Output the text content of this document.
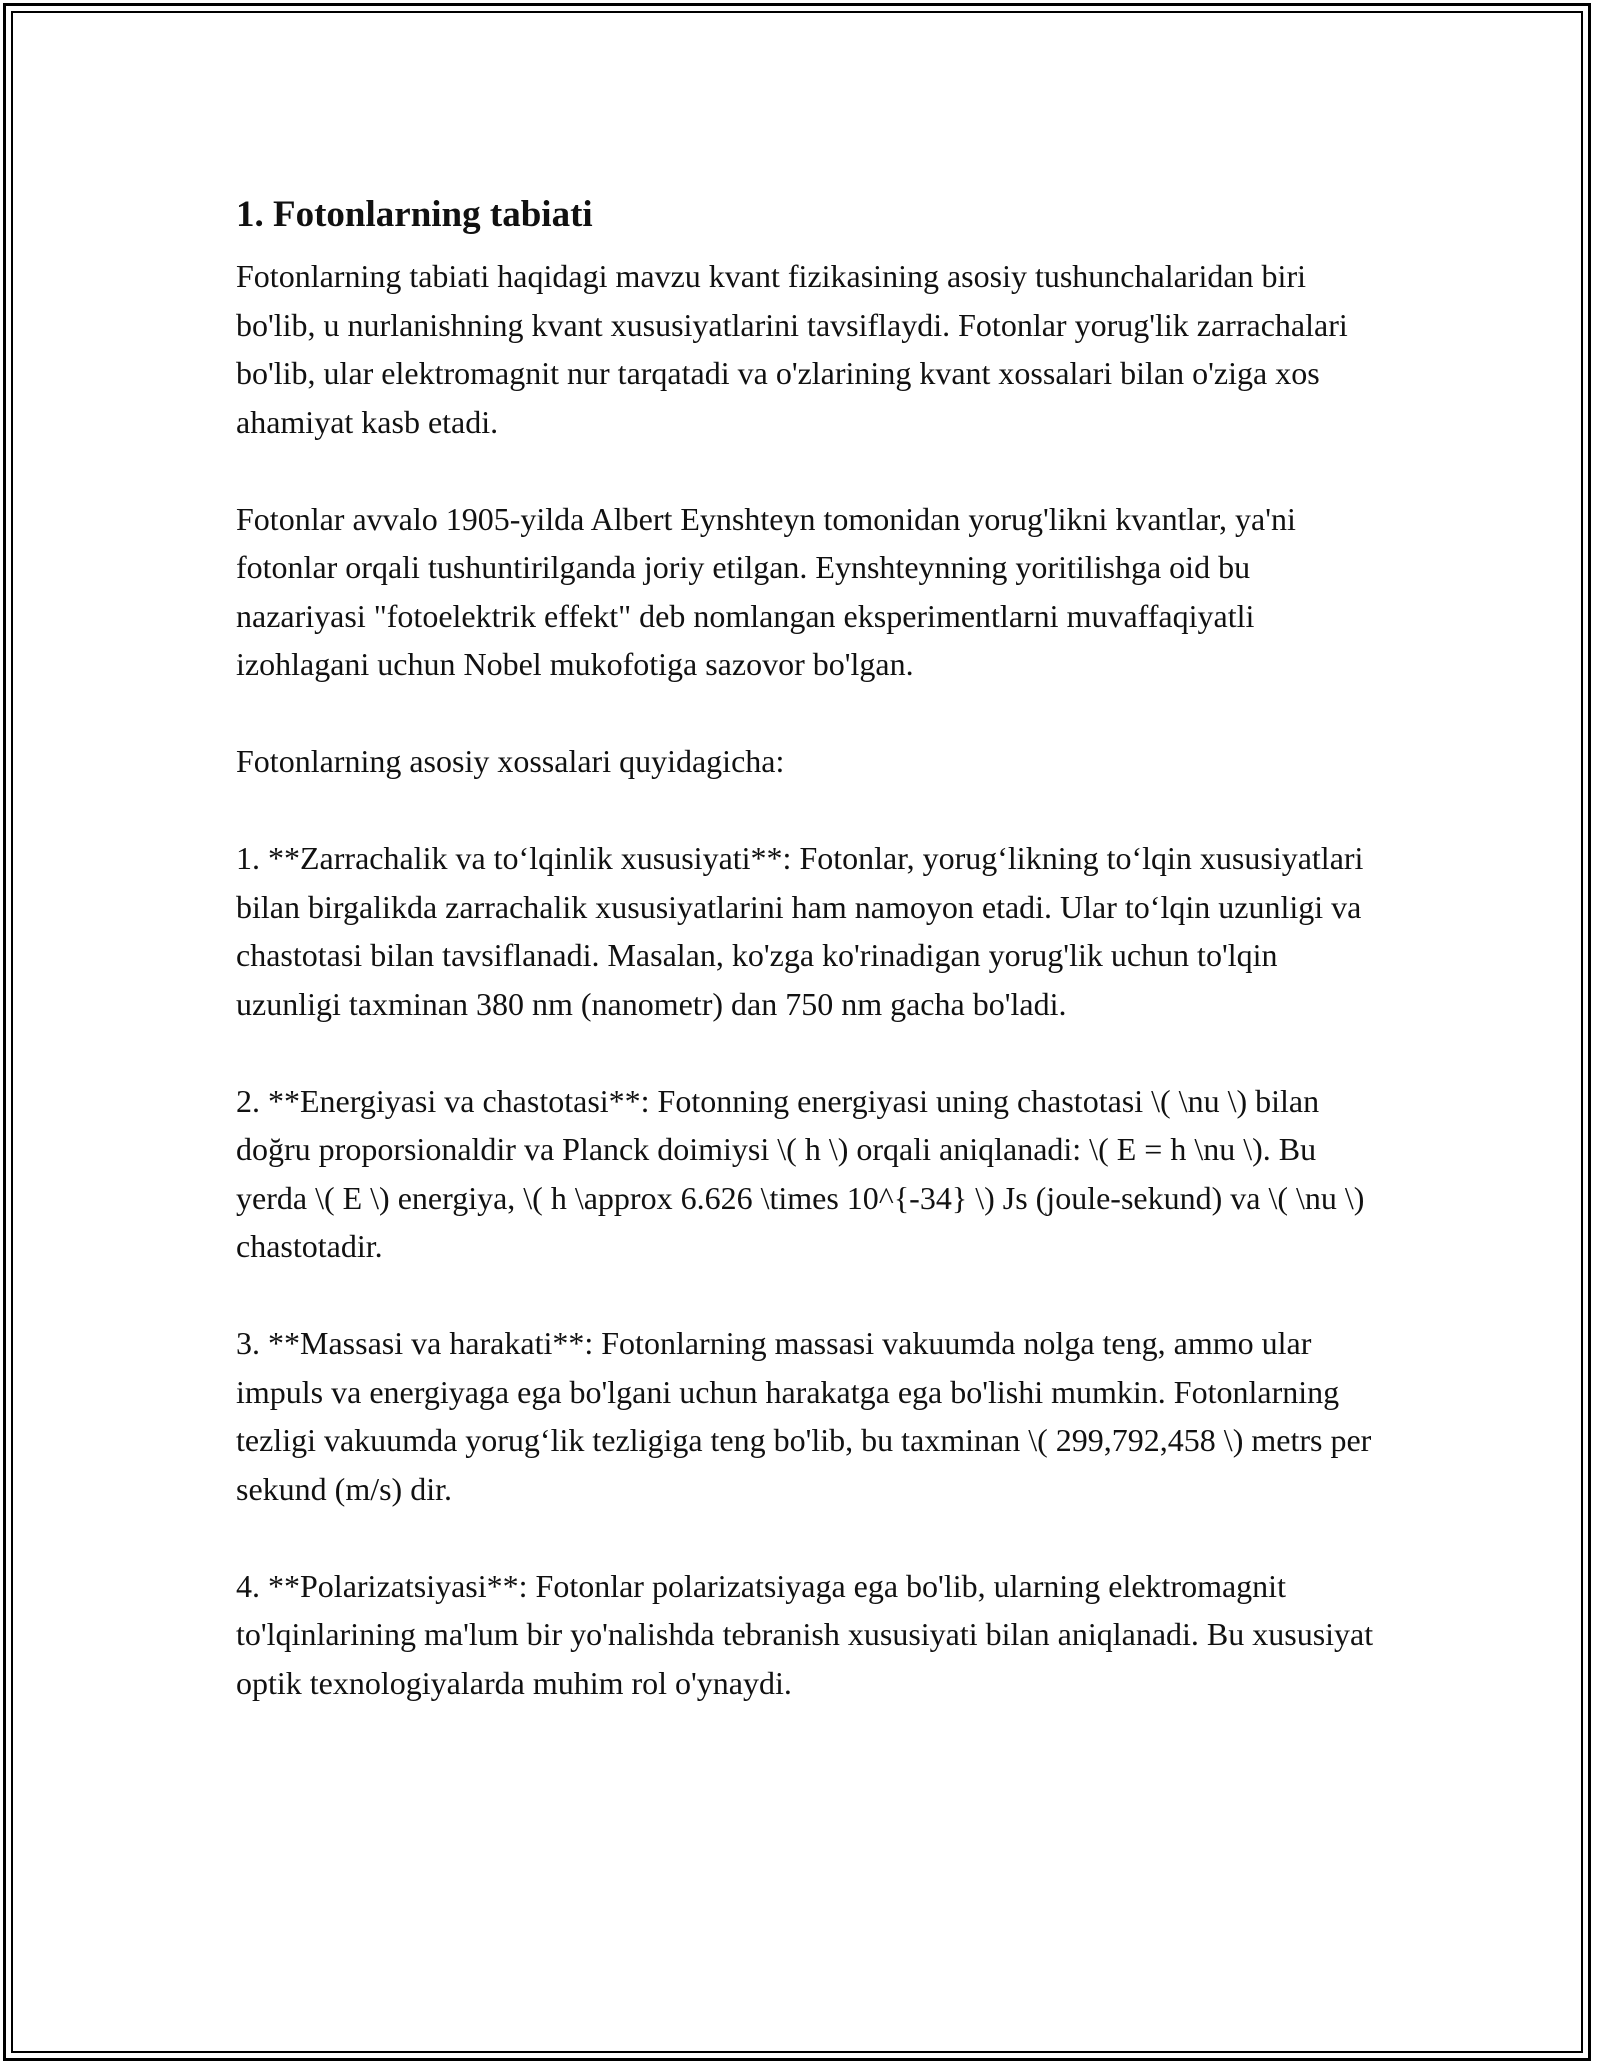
1. Fotonlarning tabiati

Fotonlarning tabiati haqidagi mavzu kvant fizikasining asosiy tushunchalaridan biri bo'lib, u nurlanishning kvant xususiyatlarini tavsiflaydi. Fotonlar yorug'lik zarrachalari bo'lib, ular elektromagnit nur tarqatadi va o'zlarining kvant xossalari bilan o'ziga xos ahamiyat kasb etadi.

Fotonlar avvalo 1905-yilda Albert Eynshteyn tomonidan yorug'likni kvantlar, ya'ni fotonlar orqali tushuntirilganda joriy etilgan. Eynshteynning yoritilishga oid bu nazariyasi "fotoelektrik effekt" deb nomlangan eksperimentlarni muvaffaqiyatli izohlagani uchun Nobel mukofotiga sazovor bo'lgan.

Fotonlarning asosiy xossalari quyidagicha:

1. **Zarrachalik va to‘lqinlik xususiyati**: Fotonlar, yorug‘likning to‘lqin xususiyatlari bilan birgalikda zarrachalik xususiyatlarini ham namoyon etadi. Ular to‘lqin uzunligi va chastotasi bilan tavsiflanadi. Masalan, ko'zga ko'rinadigan yorug'lik uchun to'lqin uzunligi taxminan 380 nm (nanometr) dan 750 nm gacha bo'ladi.

2. **Energiyasi va chastotasi**: Fotonning energiyasi uning chastotasi \( \nu \) bilan doğru proporsionaldir va Planck doimiysi \( h \) orqali aniqlanadi: \( E = h \nu \). Bu yerda \( E \) energiya, \( h \approx 6.626 \times 10^{-34} \) Js (joule-sekund) va \( \nu \) chastotadir.

3. **Massasi va harakati**: Fotonlarning massasi vakuumda nolga teng, ammo ular impuls va energiyaga ega bo'lgani uchun harakatga ega bo'lishi mumkin. Fotonlarning tezligi vakuumda yorug‘lik tezligiga teng bo'lib, bu taxminan \( 299,792,458 \) metrs per sekund (m/s) dir.

4. **Polarizatsiyasi**: Fotonlar polarizatsiyaga ega bo'lib, ularning elektromagnit to'lqinlarining ma'lum bir yo'nalishda tebranish xususiyati bilan aniqlanadi. Bu xususiyat optik texnologiyalarda muhim rol o'ynaydi.
